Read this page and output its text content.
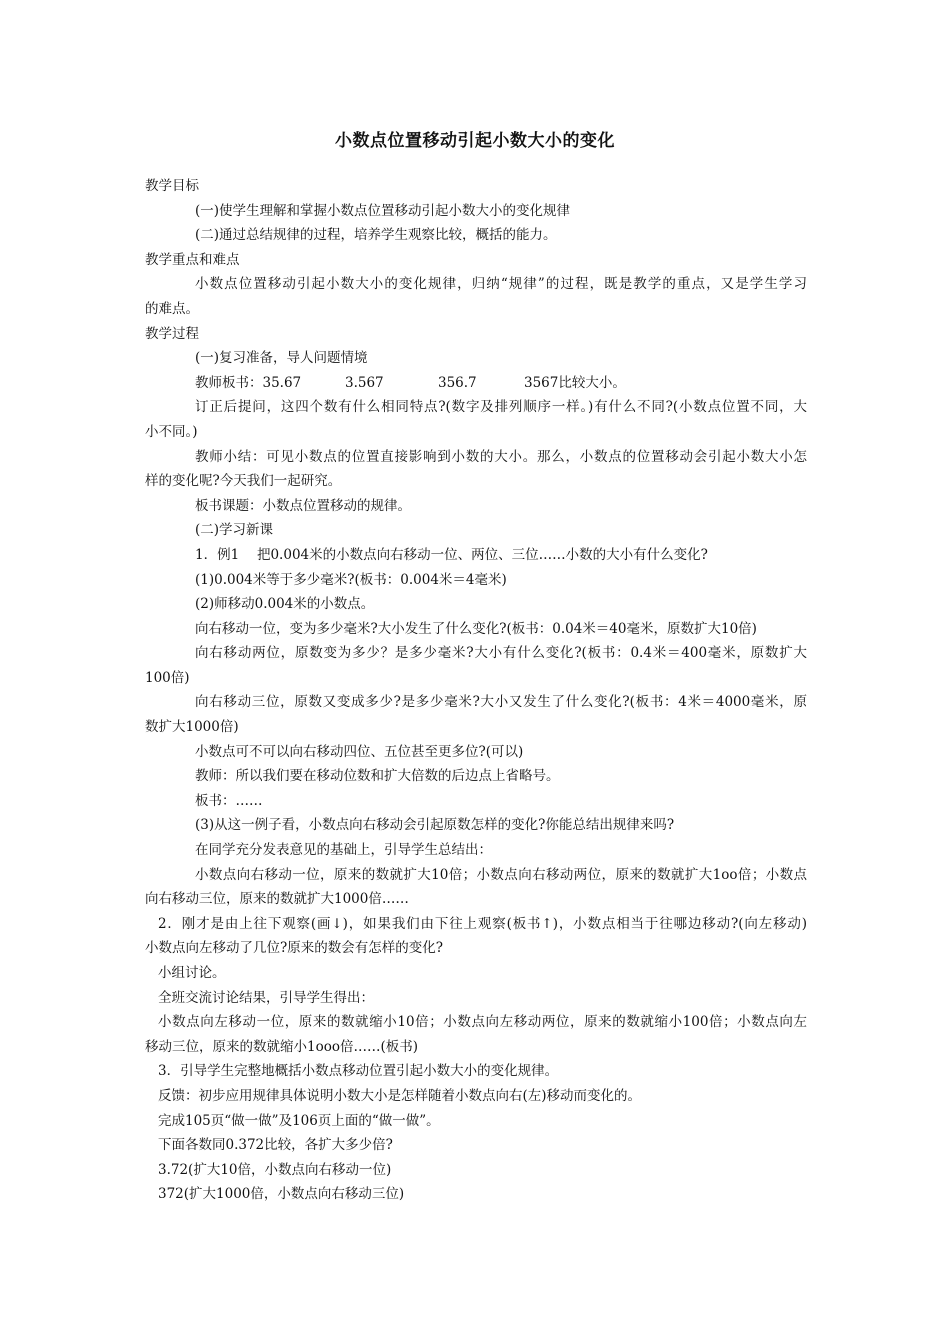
小数点位置移动引起小数大小的变化
教学目标
(一)使学生理解和掌握小数点位置移动引起小数大小的变化规律
(二)通过总结规律的过程，培养学生观察比较，概括的能力。
教学重点和难点
小数点位置移动引起小数大小的变化规律，归纳“规律”的过程，既是教学的重点，又是学生学习
的难点。
教学过程
(一)复习准备，导人问题情境
教师板书：35.67	3.567	356.7	3567比较大小。
订正后提问，这四个数有什么相同特点?(数字及排列顺序一样。)有什么不同?(小数点位置不同，大
小不同。)
教师小结：可见小数点的位置直接影响到小数的大小。那么，小数点的位置移动会引起小数大小怎
样的变化呢?今天我们一起研究。
板书课题：小数点位置移动的规律。
(二)学习新课
1．例1　 把0.004米的小数点向右移动一位、两位、三位……小数的大小有什么变化?
(1)0.004米等于多少毫米?(板书：0.004米＝4毫米)
(2)师移动0.004米的小数点。
向右移动一位，变为多少毫米?大小发生了什么变化?(板书：0.04米＝40毫米，原数扩大10倍)
向右移动两位，原数变为多少？是多少毫米?大小有什么变化?(板书：0.4米＝400毫米，原数扩大
100倍)
向右移动三位，原数又变成多少?是多少毫米?大小又发生了什么变化?(板书：4米＝4000毫米，原
数扩大1000倍)
小数点可不可以向右移动四位、五位甚至更多位?(可以)
教师：所以我们要在移动位数和扩大倍数的后边点上省略号。
板书：……
(3)从这一例子看，小数点向右移动会引起原数怎样的变化?你能总结出规律来吗?
在同学充分发表意见的基础上，引导学生总结出：
小数点向右移动一位，原来的数就扩大10倍；小数点向右移动两位，原来的数就扩大1oo倍；小数点
向右移动三位，原来的数就扩大1000倍……
2．刚才是由上往下观察(画↓)，如果我们由下往上观察(板书↑)，小数点相当于往哪边移动?(向左移动)
小数点向左移动了几位?原来的数会有怎样的变化?
小组讨论。
全班交流讨论结果，引导学生得出：
小数点向左移动一位，原来的数就缩小10倍；小数点向左移动两位，原来的数就缩小100倍；小数点向左
移动三位，原来的数就缩小1ooo倍……(板书)
3．引导学生完整地概括小数点移动位置引起小数大小的变化规律。
反馈：初步应用规律具体说明小数大小是怎样随着小数点向右(左)移动而变化的。
完成105页“做一做”及106页上面的“做一做”。
下面各数同0.372比较，各扩大多少倍?
3.72(扩大10倍，小数点向右移动一位)
372(扩大1000倍，小数点向右移动三位)
